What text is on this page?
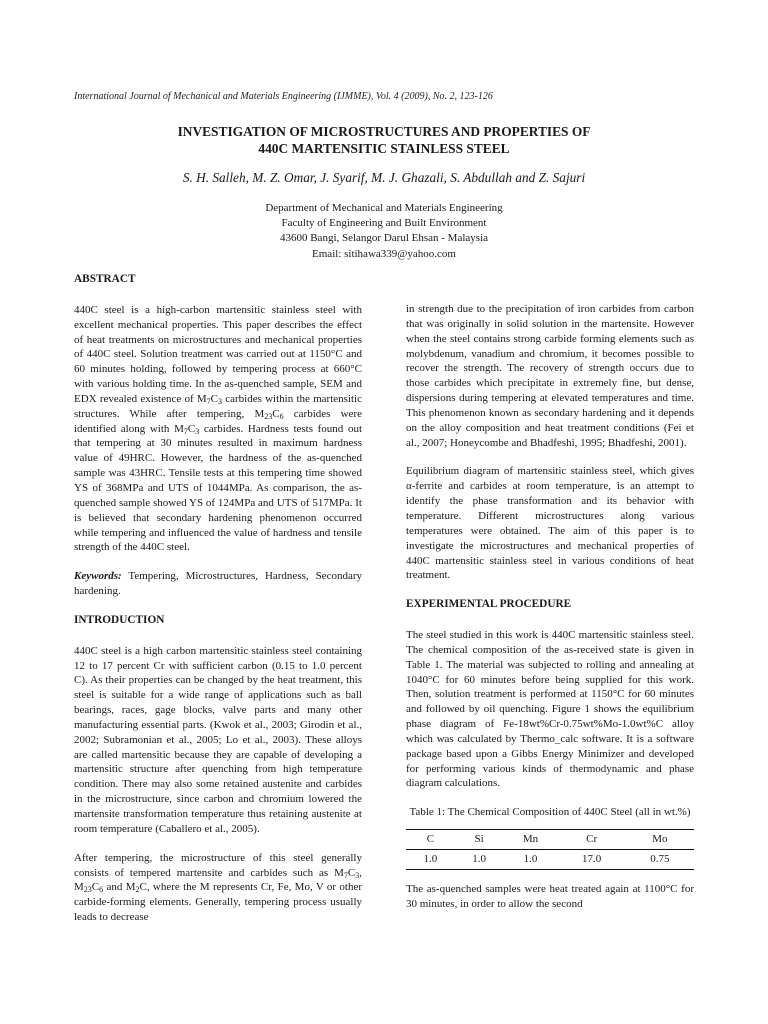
International Journal of Mechanical and Materials Engineering (IJMME), Vol. 4 (2009), No. 2, 123-126
INVESTIGATION OF MICROSTRUCTURES AND PROPERTIES OF
440C MARTENSITIC STAINLESS STEEL
S. H. Salleh, M. Z. Omar, J. Syarif, M. J. Ghazali, S. Abdullah and Z. Sajuri
Department of Mechanical and Materials Engineering
Faculty of Engineering and Built Environment
43600 Bangi, Selangor Darul Ehsan - Malaysia
Email: sitihawa339@yahoo.com

ABSTRACT

440C steel is a high-carbon martensitic stainless steel with excellent mechanical properties. This paper describes the effect of heat treatments on microstructures and mechanical properties of 440C steel. Solution treatment was carried out at 1150°C and 60 minutes holding, followed by tempering process at 660°C with various holding time. In the as-quenched sample, SEM and EDX revealed existence of $M_7C_3$ carbides within the martensitic structures. While after tempering, $M_{23}C_6$ carbides were identified along with $M_7C_3$ carbides. Hardness tests found out that tempering at 30 minutes resulted in maximum hardness value of 49HRC. However, the hardness of the as-quenched sample was 43HRC. Tensile tests at this tempering time showed YS of 368MPa and UTS of 1044MPa. As comparison, the as-quenched sample showed YS of 124MPa and UTS of 517MPa. It is believed that secondary hardening phenomenon occurred while tempering and influenced the value of hardness and tensile strength of the 440C steel.

Keywords: Tempering, Microstructures, Hardness, Secondary hardening.

INTRODUCTION

440C steel is a high carbon martensitic stainless steel containing 12 to 17 percent Cr with sufficient carbon (0.15 to 1.0 percent C). As their properties can be changed by the heat treatment, this steel is suitable for a wide range of applications such as ball bearings, races, gage blocks, valve parts and many other manufacturing essential parts. (Kwok et al., 2003; Girodin et al., 2002; Subramonian et al., 2005; Lo et al., 2003). These alloys are called martensitic because they are capable of developing a martensitic structure after quenching from high temperature condition. There may also some retained austenite and carbides in the microstructure, since carbon and chromium lowered the martensite transformation temperature thus retaining austenite at room temperature (Caballero et al., 2005).

After tempering, the microstructure of this steel generally consists of tempered martensite and carbides such as $M_7C_3$, $M_{23}C_6$ and $M_2C$, where the M represents Cr, Fe, Mo, V or other carbide-forming elements. Generally, tempering process usually leads to decrease

in strength due to the precipitation of iron carbides from carbon that was originally in solid solution in the martensite. However when the steel contains strong carbide forming elements such as molybdenum, vanadium and chromium, it becomes possible to recover the strength. The recovery of strength occurs due to those carbides which precipitate in extremely fine, but dense, dispersions during tempering at elevated temperatures and time. This phenomenon known as secondary hardening and it depends on the alloy composition and heat treatment conditions (Fei et al., 2007; Honeycombe and Bhadfeshi, 1995; Bhadfeshi, 2001).

Equilibrium diagram of martensitic stainless steel, which gives α-ferrite and carbides at room temperature, is an attempt to identify the phase transformation and its behavior with temperature. Different microstructures along various temperatures were obtained. The aim of this paper is to investigate the microstructures and mechanical properties of 440C martensitic stainless steel in various conditions of heat treatment.

EXPERIMENTAL PROCEDURE

The steel studied in this work is 440C martensitic stainless steel. The chemical composition of the as-received state is given in Table 1. The material was subjected to rolling and annealing at 1040°C for 60 minutes before being supplied for this work. Then, solution treatment is performed at 1150°C for 60 minutes and followed by oil quenching. Figure 1 shows the equilibrium phase diagram of Fe-18wt%Cr-0.75wt%Mo-1.0wt%C alloy which was calculated by Thermo_calc software. It is a software package based upon a Gibbs Energy Minimizer and developed for performing various kinds of thermodynamic and phase diagram calculations.

Table 1: The Chemical Composition of 440C Steel (all in wt.%)

C	Si	Mn	Cr	Mo
1.0	1.0	1.0	17.0	0.75

The as-quenched samples were heat treated again at 1100°C for 30 minutes, in order to allow the second
